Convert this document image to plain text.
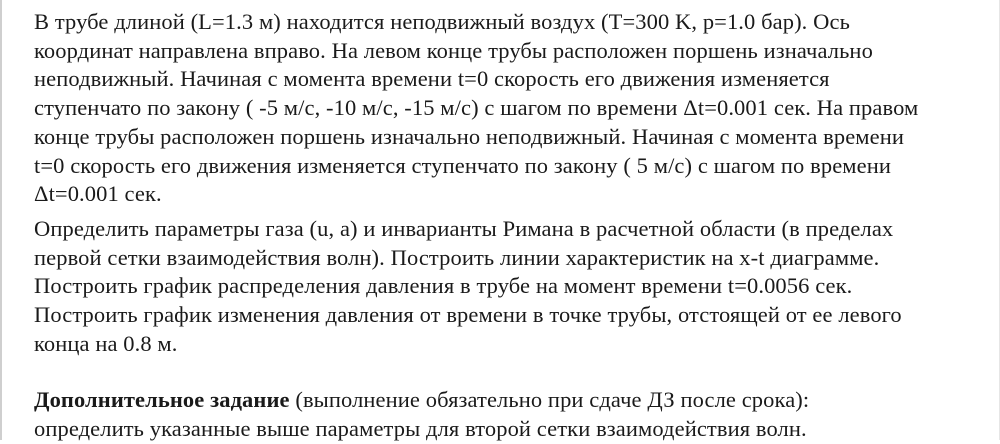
В трубе длиной (L=1.3 м) находится неподвижный воздух (T=300 K, p=1.0 бар). Ось
координат направлена вправо. На левом конце трубы расположен поршень изначально
неподвижный. Начиная с момента времени t=0 скорость его движения изменяется
ступенчато по закону ( -5 м/с, -10 м/с, -15 м/с) с шагом по времени Δt=0.001 сек. На правом
конце трубы расположен поршень изначально неподвижный. Начиная с момента времени
t=0 скорость его движения изменяется ступенчато по закону ( 5 м/с) с шагом по времени
Δt=0.001 сек.

Определить параметры газа (u, a) и инварианты Римана в расчетной области (в пределах
первой сетки взаимодействия волн). Построить линии характеристик на x-t диаграмме.
Построить график распределения давления в трубе на момент времени t=0.0056 сек.
Построить график изменения давления от времени в точке трубы, отстоящей от ее левого
конца на 0.8 м.

Дополнительное задание (выполнение обязательно при сдаче ДЗ после срока):
определить указанные выше параметры для второй сетки взаимодействия волн.
